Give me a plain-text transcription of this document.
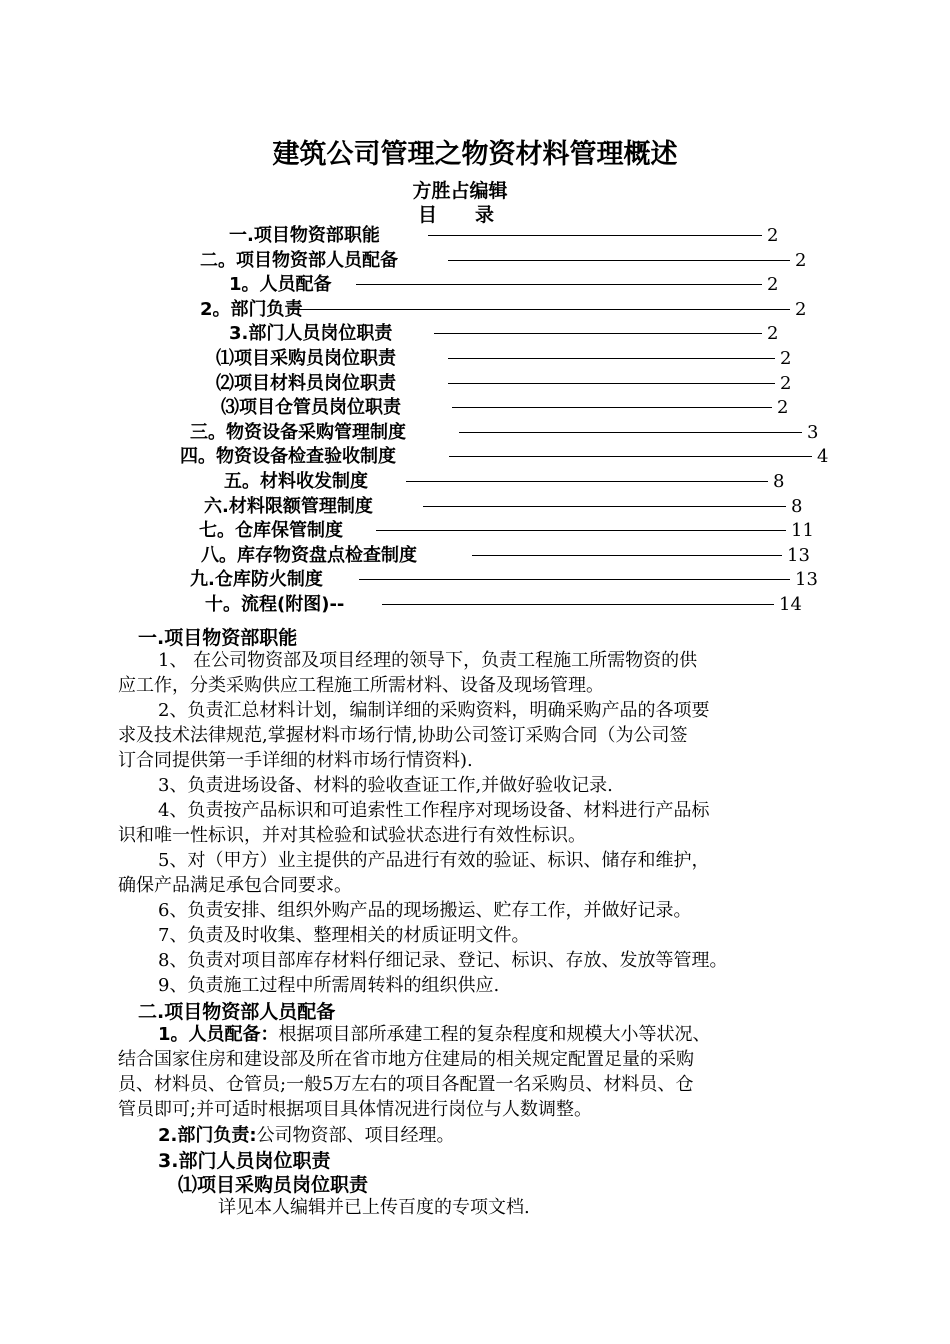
建筑公司管理之物资材料管理概述
方胜占编辑
目 录
一.项目物资部职能	2
二。项目物资部人员配备	2
1。人员配备	2
2。部门负责	2
3.部门人员岗位职责	2
⑴项目采购员岗位职责	2
⑵项目材料员岗位职责	2
⑶项目仓管员岗位职责	2
三。物资设备采购管理制度	3
四。物资设备检查验收制度	4
五。材料收发制度	8
六.材料限额管理制度	8
七。仓库保管制度	11
八。库存物资盘点检查制度	13
九.仓库防火制度	13
十。流程(附图)--	14
一.项目物资部职能
1、 在公司物资部及项目经理的领导下，负责工程施工所需物资的供
应工作，分类采购供应工程施工所需材料、设备及现场管理。
2、负责汇总材料计划，编制详细的采购资料，明确采购产品的各项要
求及技术法律规范,掌握材料市场行情,协助公司签订采购合同（为公司签
订合同提供第一手详细的材料市场行情资料).
3、负责进场设备、材料的验收查证工作,并做好验收记录.
4、负责按产品标识和可追索性工作程序对现场设备、材料进行产品标
识和唯一性标识，并对其检验和试验状态进行有效性标识。
5、对（甲方）业主提供的产品进行有效的验证、标识、储存和维护，
确保产品满足承包合同要求。
6、负责安排、组织外购产品的现场搬运、贮存工作，并做好记录。
7、负责及时收集、整理相关的材质证明文件。
8、负责对项目部库存材料仔细记录、登记、标识、存放、发放等管理。
9、负责施工过程中所需周转料的组织供应.
二.项目物资部人员配备
1。人员配备：根据项目部所承建工程的复杂程度和规模大小等状况、
结合国家住房和建设部及所在省市地方住建局的相关规定配置足量的采购
员、材料员、仓管员;一般5万左右的项目各配置一名采购员、材料员、仓
管员即可;并可适时根据项目具体情况进行岗位与人数调整。
2.部门负责:公司物资部、项目经理。
3.部门人员岗位职责
⑴项目采购员岗位职责
详见本人编辑并已上传百度的专项文档.
